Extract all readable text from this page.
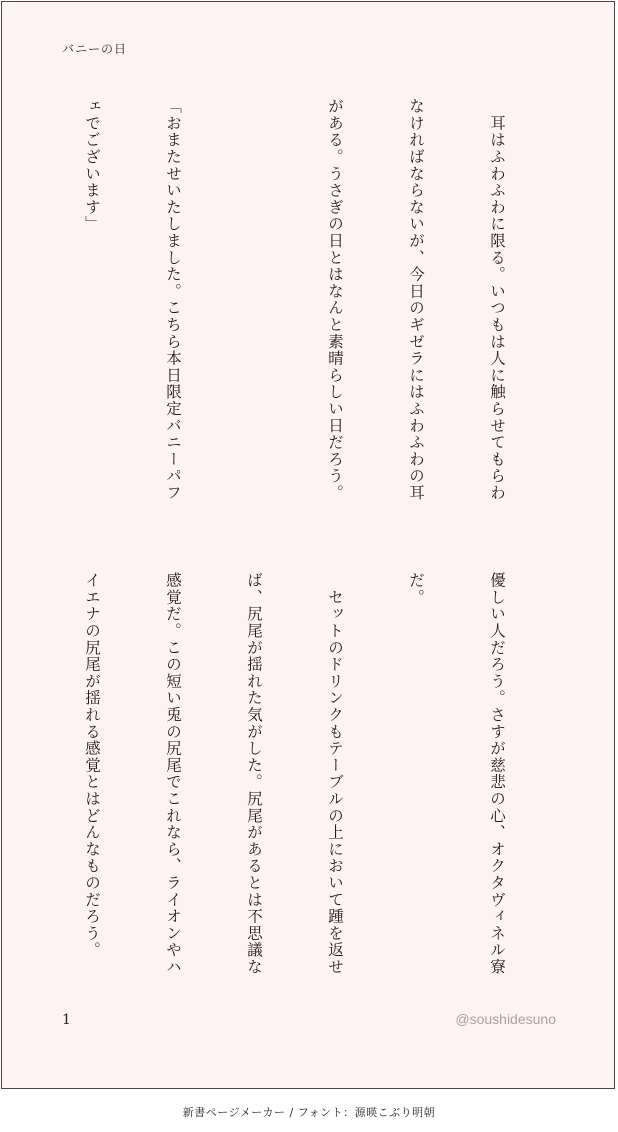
バニーの日

　耳はふわふわに限る。いつもは人に触らせてもらわ

なければならないが、今日のギゼラにはふわふわの耳

がある。うさぎの日とはなんと素晴らしい日だろう。

「おまたせいたしました。こちら本日限定バニーパフ

ェでございます」

優しい人だろう。さすが慈悲の心、オクタヴィネル寮

だ。

　セットのドリンクもテーブルの上において踵を返せ

ば、尻尾が揺れた気がした。尻尾があるとは不思議な

感覚だ。この短い兎の尻尾でこれなら、ライオンやハ

イエナの尻尾が揺れる感覚とはどんなものだろう。

1	@soushidesuno
新書ページメーカー / フォント：源暎こぶり明朝
